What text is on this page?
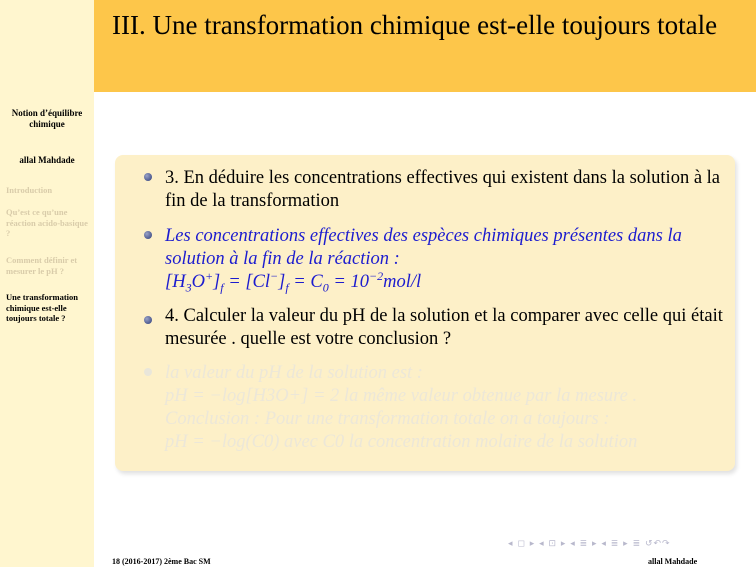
Notion d’équilibre chimique
allal Mahdade
Introduction
Qu’est ce qu’une réaction acido-basique ?
Comment définir et mesurer le pH ?
Une transformation chimique est-elle toujours totale ?
III. Une transformation chimique est-elle toujours totale
3. En déduire les concentrations effectives qui existent dans la solution à la fin de la transformation
Les concentrations effectives des espèces chimiques présentes dans la solution à la fin de la réaction :
$[H_3O^+]_f = [Cl^-]_f = C_0 = 10^{-2}mol/l$
4. Calculer la valeur du pH de la solution et la comparer avec celle qui était mesurée . quelle est votre conclusion ?
la valeur du pH de la solution est :
pH = −log[H3O+] = 2 la même valeur obtenue par la mesure .
Conclusion : Pour une transformation totale on a toujours :
pH = −log(C0) avec C0 la concentration molaire de la solution
◂ ◻ ▸ ◂ ⊡ ▸ ◂ ≣ ▸ ◂ ≣ ▸ ≣ ↺↶↷
18 (2016-2017) 2ème Bac SM	allal Mahdade
